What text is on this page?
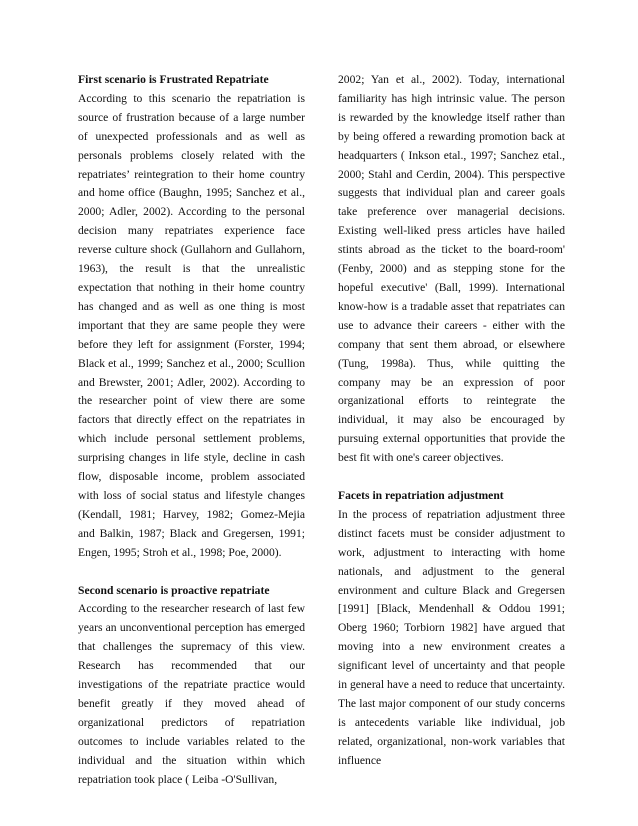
First scenario is Frustrated Repatriate

According to this scenario the repatriation is source of frustration because of a large number of unexpected professionals and as well as personals problems closely related with the repatriates’ reintegration to their home country and home office (Baughn, 1995; Sanchez et al., 2000; Adler, 2002). According to the personal decision many repatriates experience face reverse culture shock (Gullahorn and Gullahorn, 1963), the result is that the unrealistic expectation that nothing in their home country has changed and as well as one thing is most important that they are same people they were before they left for assignment (Forster, 1994; Black et al., 1999; Sanchez et al., 2000; Scullion and Brewster, 2001; Adler, 2002). According to the researcher point of view there are some factors that directly effect on the repatriates in which include personal settlement problems, surprising changes in life style, decline in cash flow, disposable income, problem associated with loss of social status and lifestyle changes (Kendall, 1981; Harvey, 1982; Gomez-Mejia and Balkin, 1987; Black and Gregersen, 1991; Engen, 1995; Stroh et al., 1998; Poe, 2000).

Second scenario is proactive repatriate

According to the researcher research of last few years an unconventional perception has emerged that challenges the supremacy of this view. Research has recommended that our investigations of the repatriate practice would benefit greatly if they moved ahead of organizational predictors of repatriation outcomes to include variables related to the individual and the situation within which repatriation took place ( Leiba -O'Sullivan,

2002; Yan et al., 2002). Today, international familiarity has high intrinsic value. The person is rewarded by the knowledge itself rather than by being offered a rewarding promotion back at headquarters ( Inkson etal., 1997; Sanchez etal., 2000; Stahl and Cerdin, 2004). This perspective suggests that individual plan and career goals take preference over managerial decisions. Existing well-liked press articles have hailed stints abroad as the ticket to the board-room' (Fenby, 2000) and as stepping stone for the hopeful executive' (Ball, 1999). International know-how is a tradable asset that repatriates can use to advance their careers - either with the company that sent them abroad, or elsewhere (Tung, 1998a). Thus, while quitting the company may be an expression of poor organizational efforts to reintegrate the individual, it may also be encouraged by pursuing external opportunities that provide the best fit with one's career objectives.

Facets in repatriation adjustment

In the process of repatriation adjustment three distinct facets must be consider adjustment to work, adjustment to interacting with home nationals, and adjustment to the general environment and culture Black and Gregersen [1991] [Black, Mendenhall & Oddou 1991; Oberg 1960; Torbiorn 1982] have argued that moving into a new environment creates a significant level of uncertainty and that people in general have a need to reduce that uncertainty. The last major component of our study concerns is antecedents variable like individual, job related, organizational, non-work variables that influence
